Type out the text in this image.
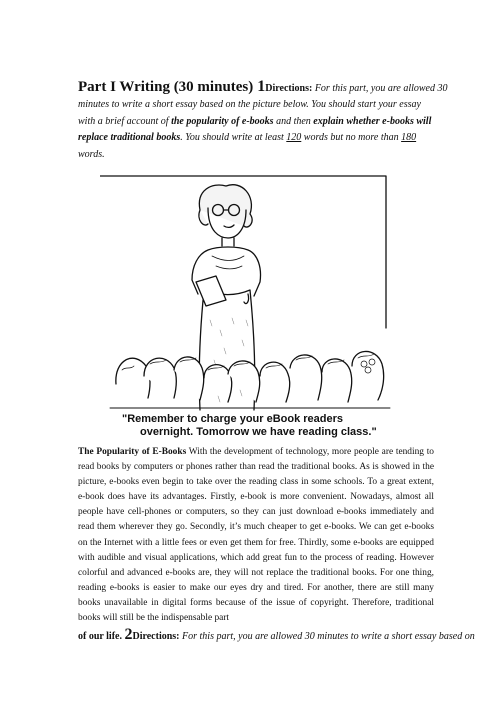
Part I Writing (30 minutes) 1Directions: For this part, you are allowed 30
minutes to write a short essay based on the picture below. You should start your essay with a brief account of the popularity of e-books and then explain whether e-books will replace traditional books. You should write at least 120 words but no more than 180 words.
"Remember to charge your eBook readers
overnight. Tomorrow we have reading class."
The Popularity of E-Books With the development of technology, more people are tending to read books by computers or phones rather than read the traditional books. As is showed in the picture, e-books even begin to take over the reading class in some schools. To a great extent, e-book does have its advantages. Firstly, e-book is more convenient. Nowadays, almost all people have cell-phones or computers, so they can just download e-books immediately and read them wherever they go. Secondly, it’s much cheaper to get e-books. We can get e-books on the Internet with a little fees or even get them for free. Thirdly, some e-books are equipped with audible and visual applications, which add great fun to the process of reading. However colorful and advanced e-books are, they will not replace the traditional books. For one thing, reading e-books is easier to make our eyes dry and tired. For another, there are still many books unavailable in digital forms because of the issue of copyright. Therefore, traditional books will still be the indispensable part
of our life. 2Directions: For this part, you are allowed 30 minutes to write a short essay based on
